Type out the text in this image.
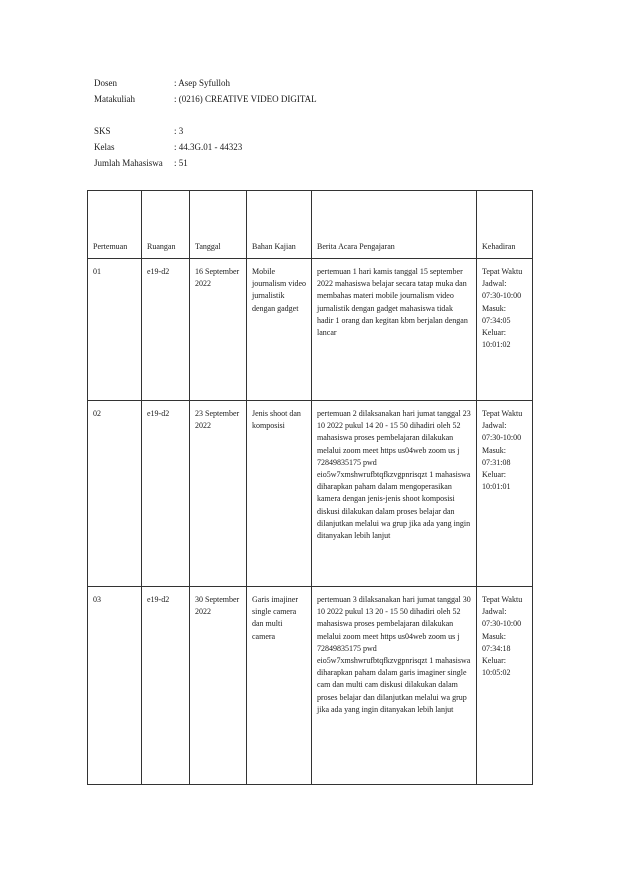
Dosen	: Asep Syfulloh
Matakuliah	: (0216) CREATIVE VIDEO DIGITAL
SKS	: 3
Kelas	: 44.3G.01 - 44323
Jumlah Mahasiswa	: 51
Pertemuan	Ruangan	Tanggal	Bahan Kajian	Berita Acara Pengajaran	Kehadiran
01	e19-d2	16 September 2022	Mobile journalism video jurnalistik dengan gadget	pertemuan 1 hari kamis tanggal 15 september 2022 mahasiswa belajar secara tatap muka dan membahas materi mobile journalism video jurnalistik dengan gadget mahasiswa tidak hadir 1 orang dan kegitan kbm berjalan dengan lancar	Tepat Waktu Jadwal: 07:30-10:00 Masuk: 07:34:05 Keluar: 10:01:02
02	e19-d2	23 September 2022	Jenis shoot dan komposisi	pertemuan 2 dilaksanakan hari jumat tanggal 23 10 2022 pukul 14 20 - 15 50 dihadiri oleh 52 mahasiswa proses pembelajaran dilakukan melalui zoom meet https us04web zoom us j 72849835175 pwd eio5w7xmshwrufbtqfkzvgpnrisqzt 1 mahasiswa diharapkan paham dalam mengoperasikan kamera dengan jenis-jenis shoot komposisi diskusi dilakukan dalam proses belajar dan dilanjutkan melalui wa grup jika ada yang ingin ditanyakan lebih lanjut	Tepat Waktu Jadwal: 07:30-10:00 Masuk: 07:31:08 Keluar: 10:01:01
03	e19-d2	30 September 2022	Garis imajiner single camera dan multi camera	pertemuan 3 dilaksanakan hari jumat tanggal 30 10 2022 pukul 13 20 - 15 50 dihadiri oleh 52 mahasiswa proses pembelajaran dilakukan melalui zoom meet https us04web zoom us j 72849835175 pwd eio5w7xmshwrufbtqfkzvgpnrisqzt 1 mahasiswa diharapkan paham dalam garis imaginer single cam dan multi cam diskusi dilakukan dalam proses belajar dan dilanjutkan melalui wa grup jika ada yang ingin ditanyakan lebih lanjut	Tepat Waktu Jadwal: 07:30-10:00 Masuk: 07:34:18 Keluar: 10:05:02
